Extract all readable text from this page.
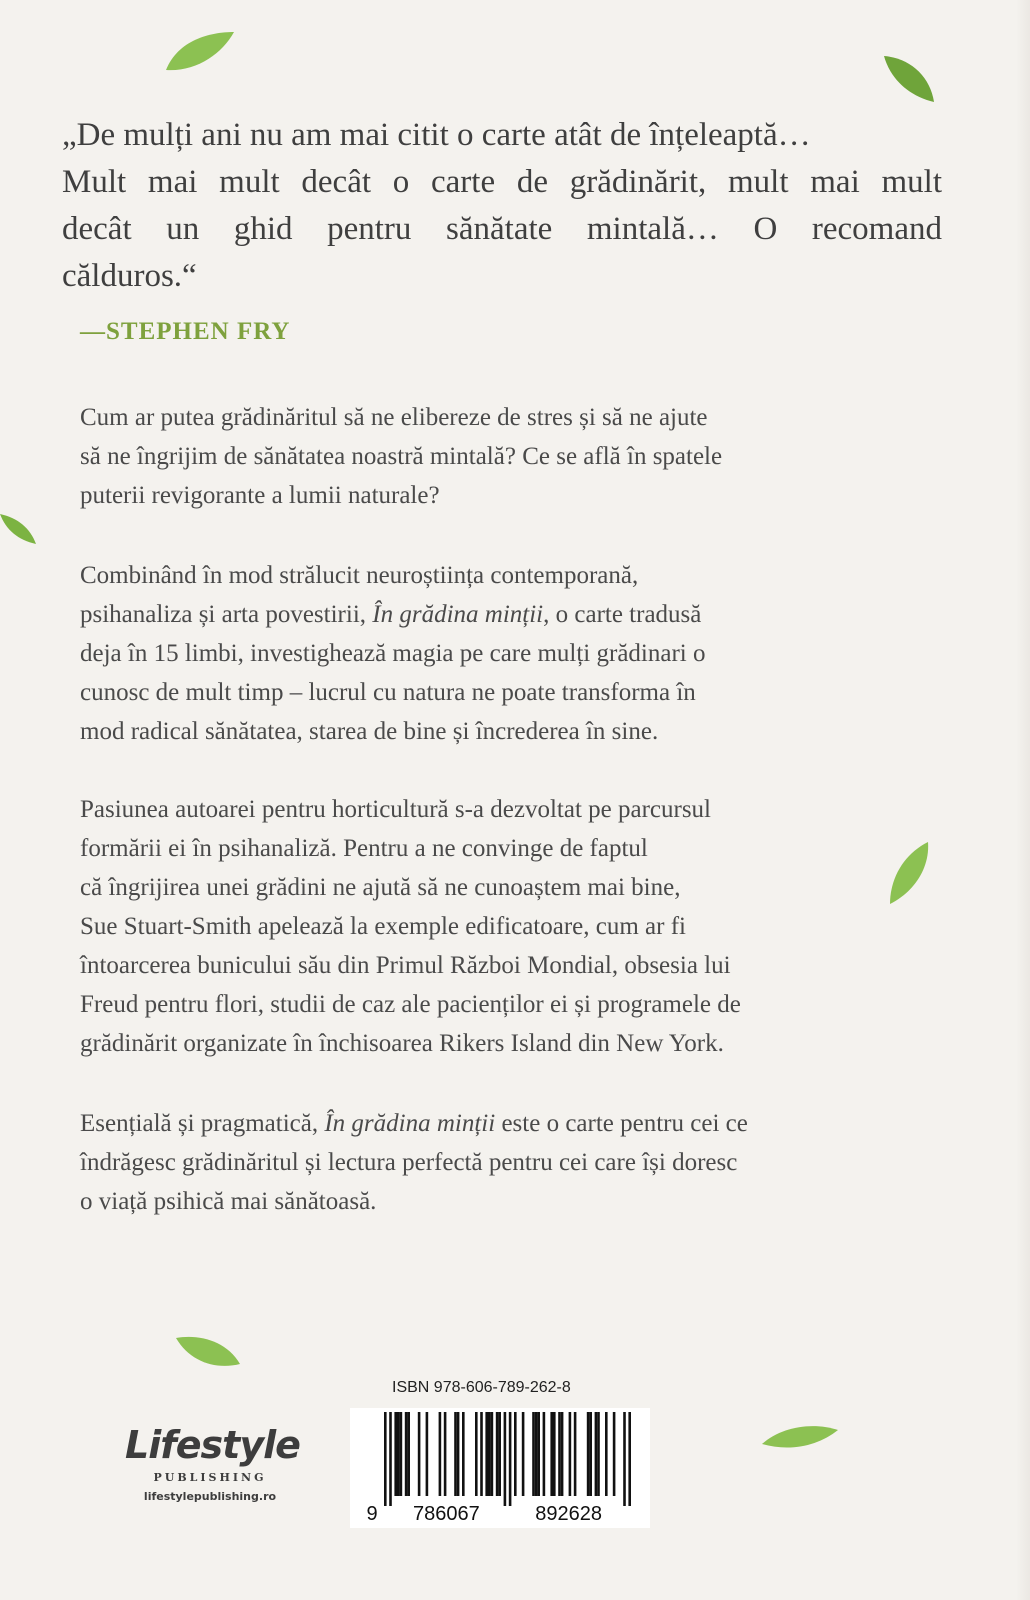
„De mulți ani nu am mai citit o carte atât de înțeleaptă…
Mult mai mult decât o carte de grădinărit, mult mai mult
decât un ghid pentru sănătate mintală… O recomand
călduros.“
—STEPHEN FRY
Cum ar putea grădinăritul să ne elibereze de stres și să ne ajute
să ne îngrijim de sănătatea noastră mintală? Ce se află în spatele
puterii revigorante a lumii naturale?
Combinând în mod strălucit neuroștiința contemporană,
psihanaliza și arta povestirii, În grădina minții, o carte tradusă
deja în 15 limbi, investighează magia pe care mulți grădinari o
cunosc de mult timp – lucrul cu natura ne poate transforma în
mod radical sănătatea, starea de bine și încrederea în sine.
Pasiunea autoarei pentru horticultură s-a dezvoltat pe parcursul
formării ei în psihanaliză. Pentru a ne convinge de faptul
că îngrijirea unei grădini ne ajută să ne cunoaștem mai bine,
Sue Stuart-Smith apelează la exemple edificatoare, cum ar fi
întoarcerea bunicului său din Primul Război Mondial, obsesia lui
Freud pentru flori, studii de caz ale pacienților ei și programele de
grădinărit organizate în închisoarea Rikers Island din New York.
Esențială și pragmatică, În grădina minții este o carte pentru cei ce
îndrăgesc grădinăritul și lectura perfectă pentru cei care își doresc
o viață psihică mai sănătoasă.
Lifestyle
PUBLISHING
lifestylepublishing.ro
ISBN 978-606-789-262-8
9 786067	892628
